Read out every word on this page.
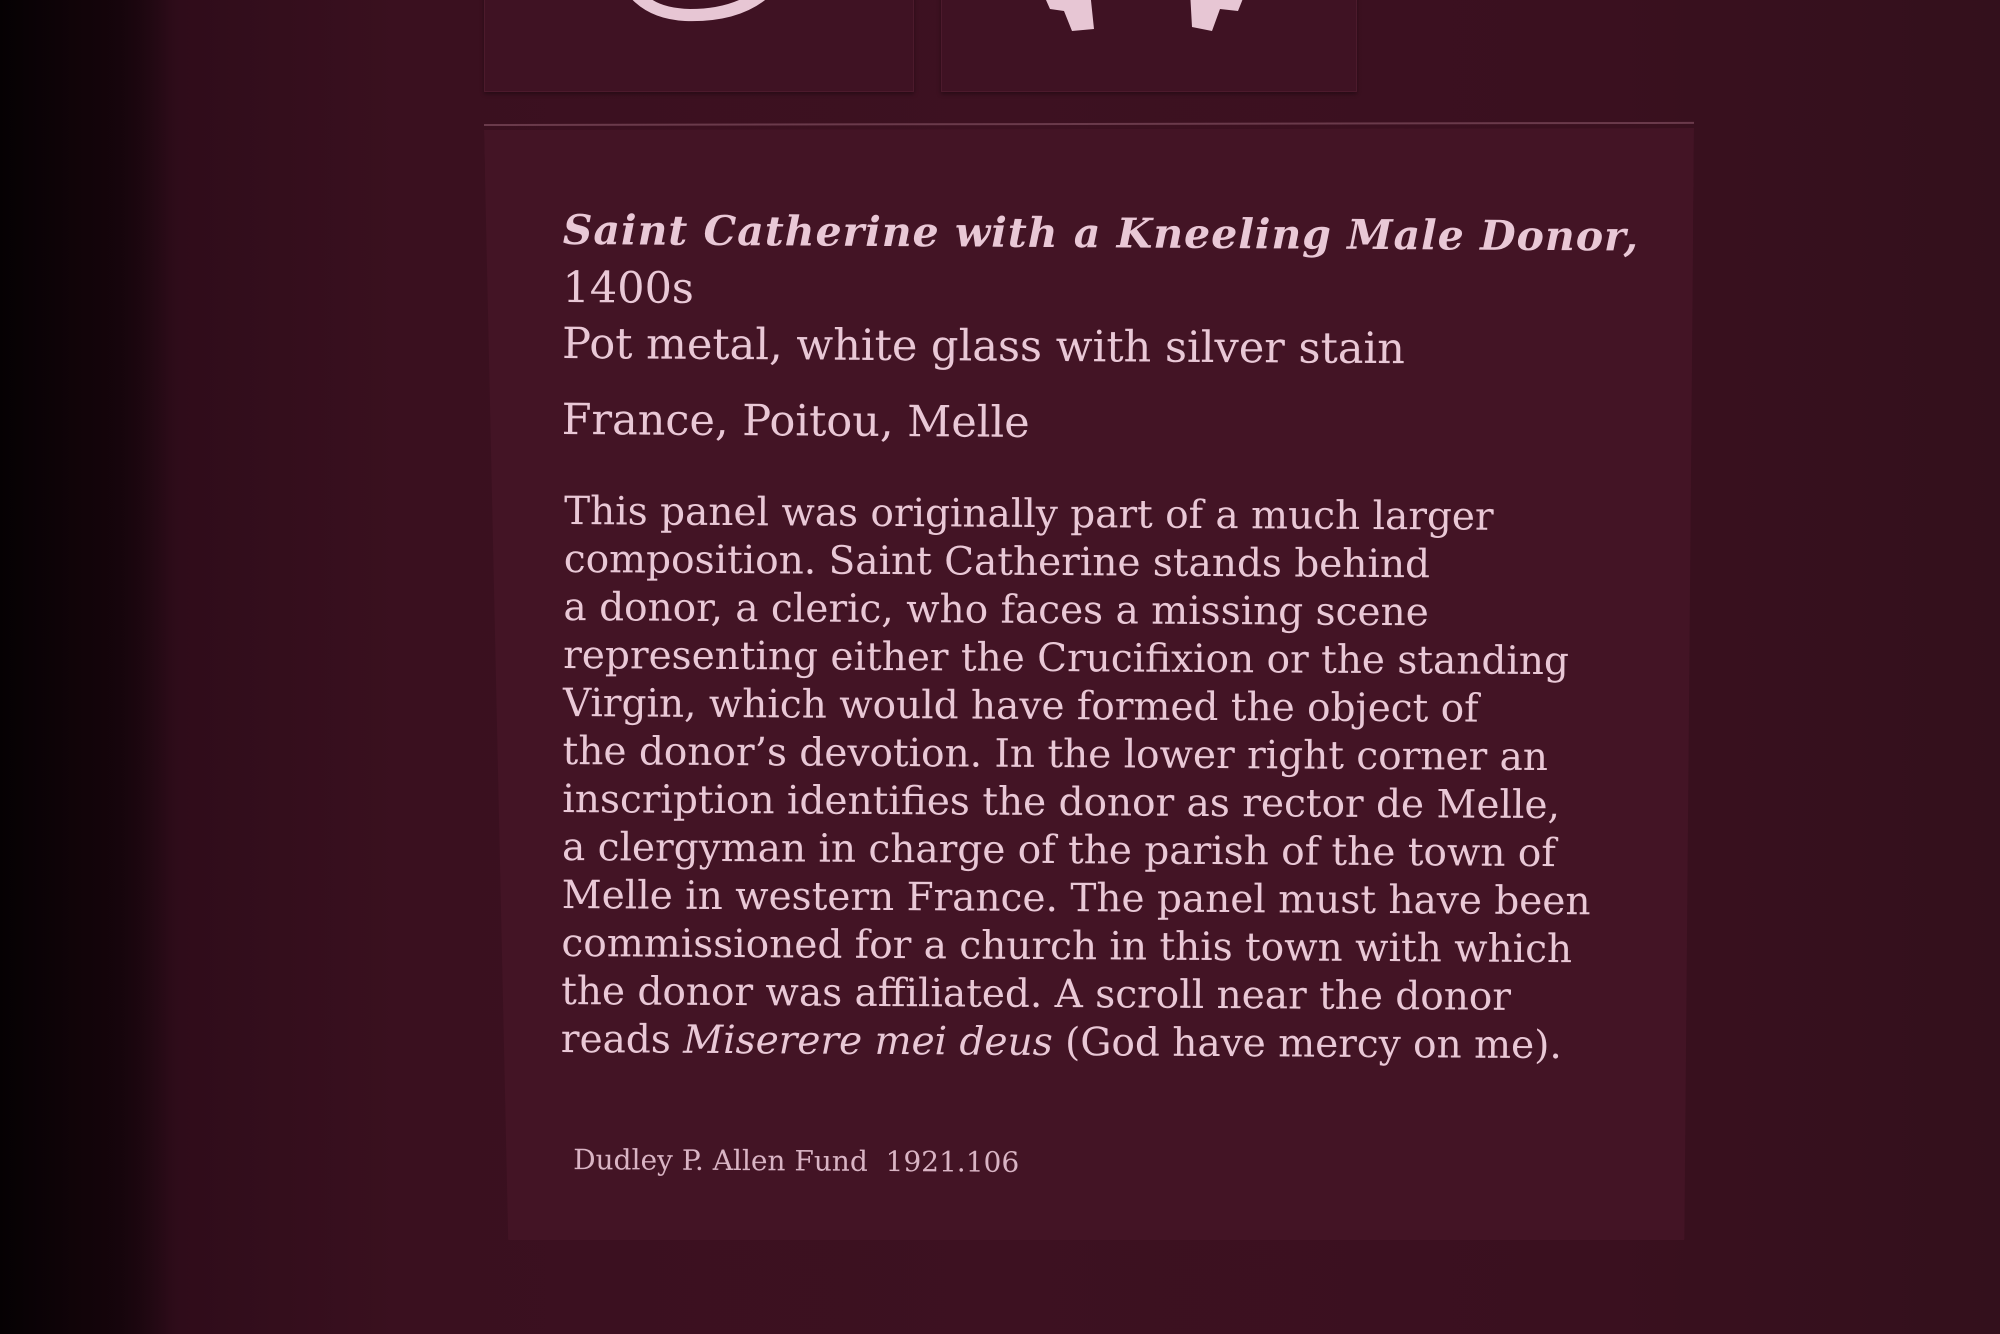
Saint Catherine with a Kneeling Male Donor,
1400s
Pot metal, white glass with silver stain
France, Poitou, Melle
This panel was originally part of a much larger
composition. Saint Catherine stands behind
a donor, a cleric, who faces a missing scene
representing either the Crucifixion or the standing
Virgin, which would have formed the object of
the donor’s devotion. In the lower right corner an
inscription identifies the donor as rector de Melle,
a clergyman in charge of the parish of the town of
Melle in western France. The panel must have been
commissioned for a church in this town with which
the donor was affiliated. A scroll near the donor
reads Miserere mei deus (God have mercy on me).
Dudley P. Allen Fund  1921.106
